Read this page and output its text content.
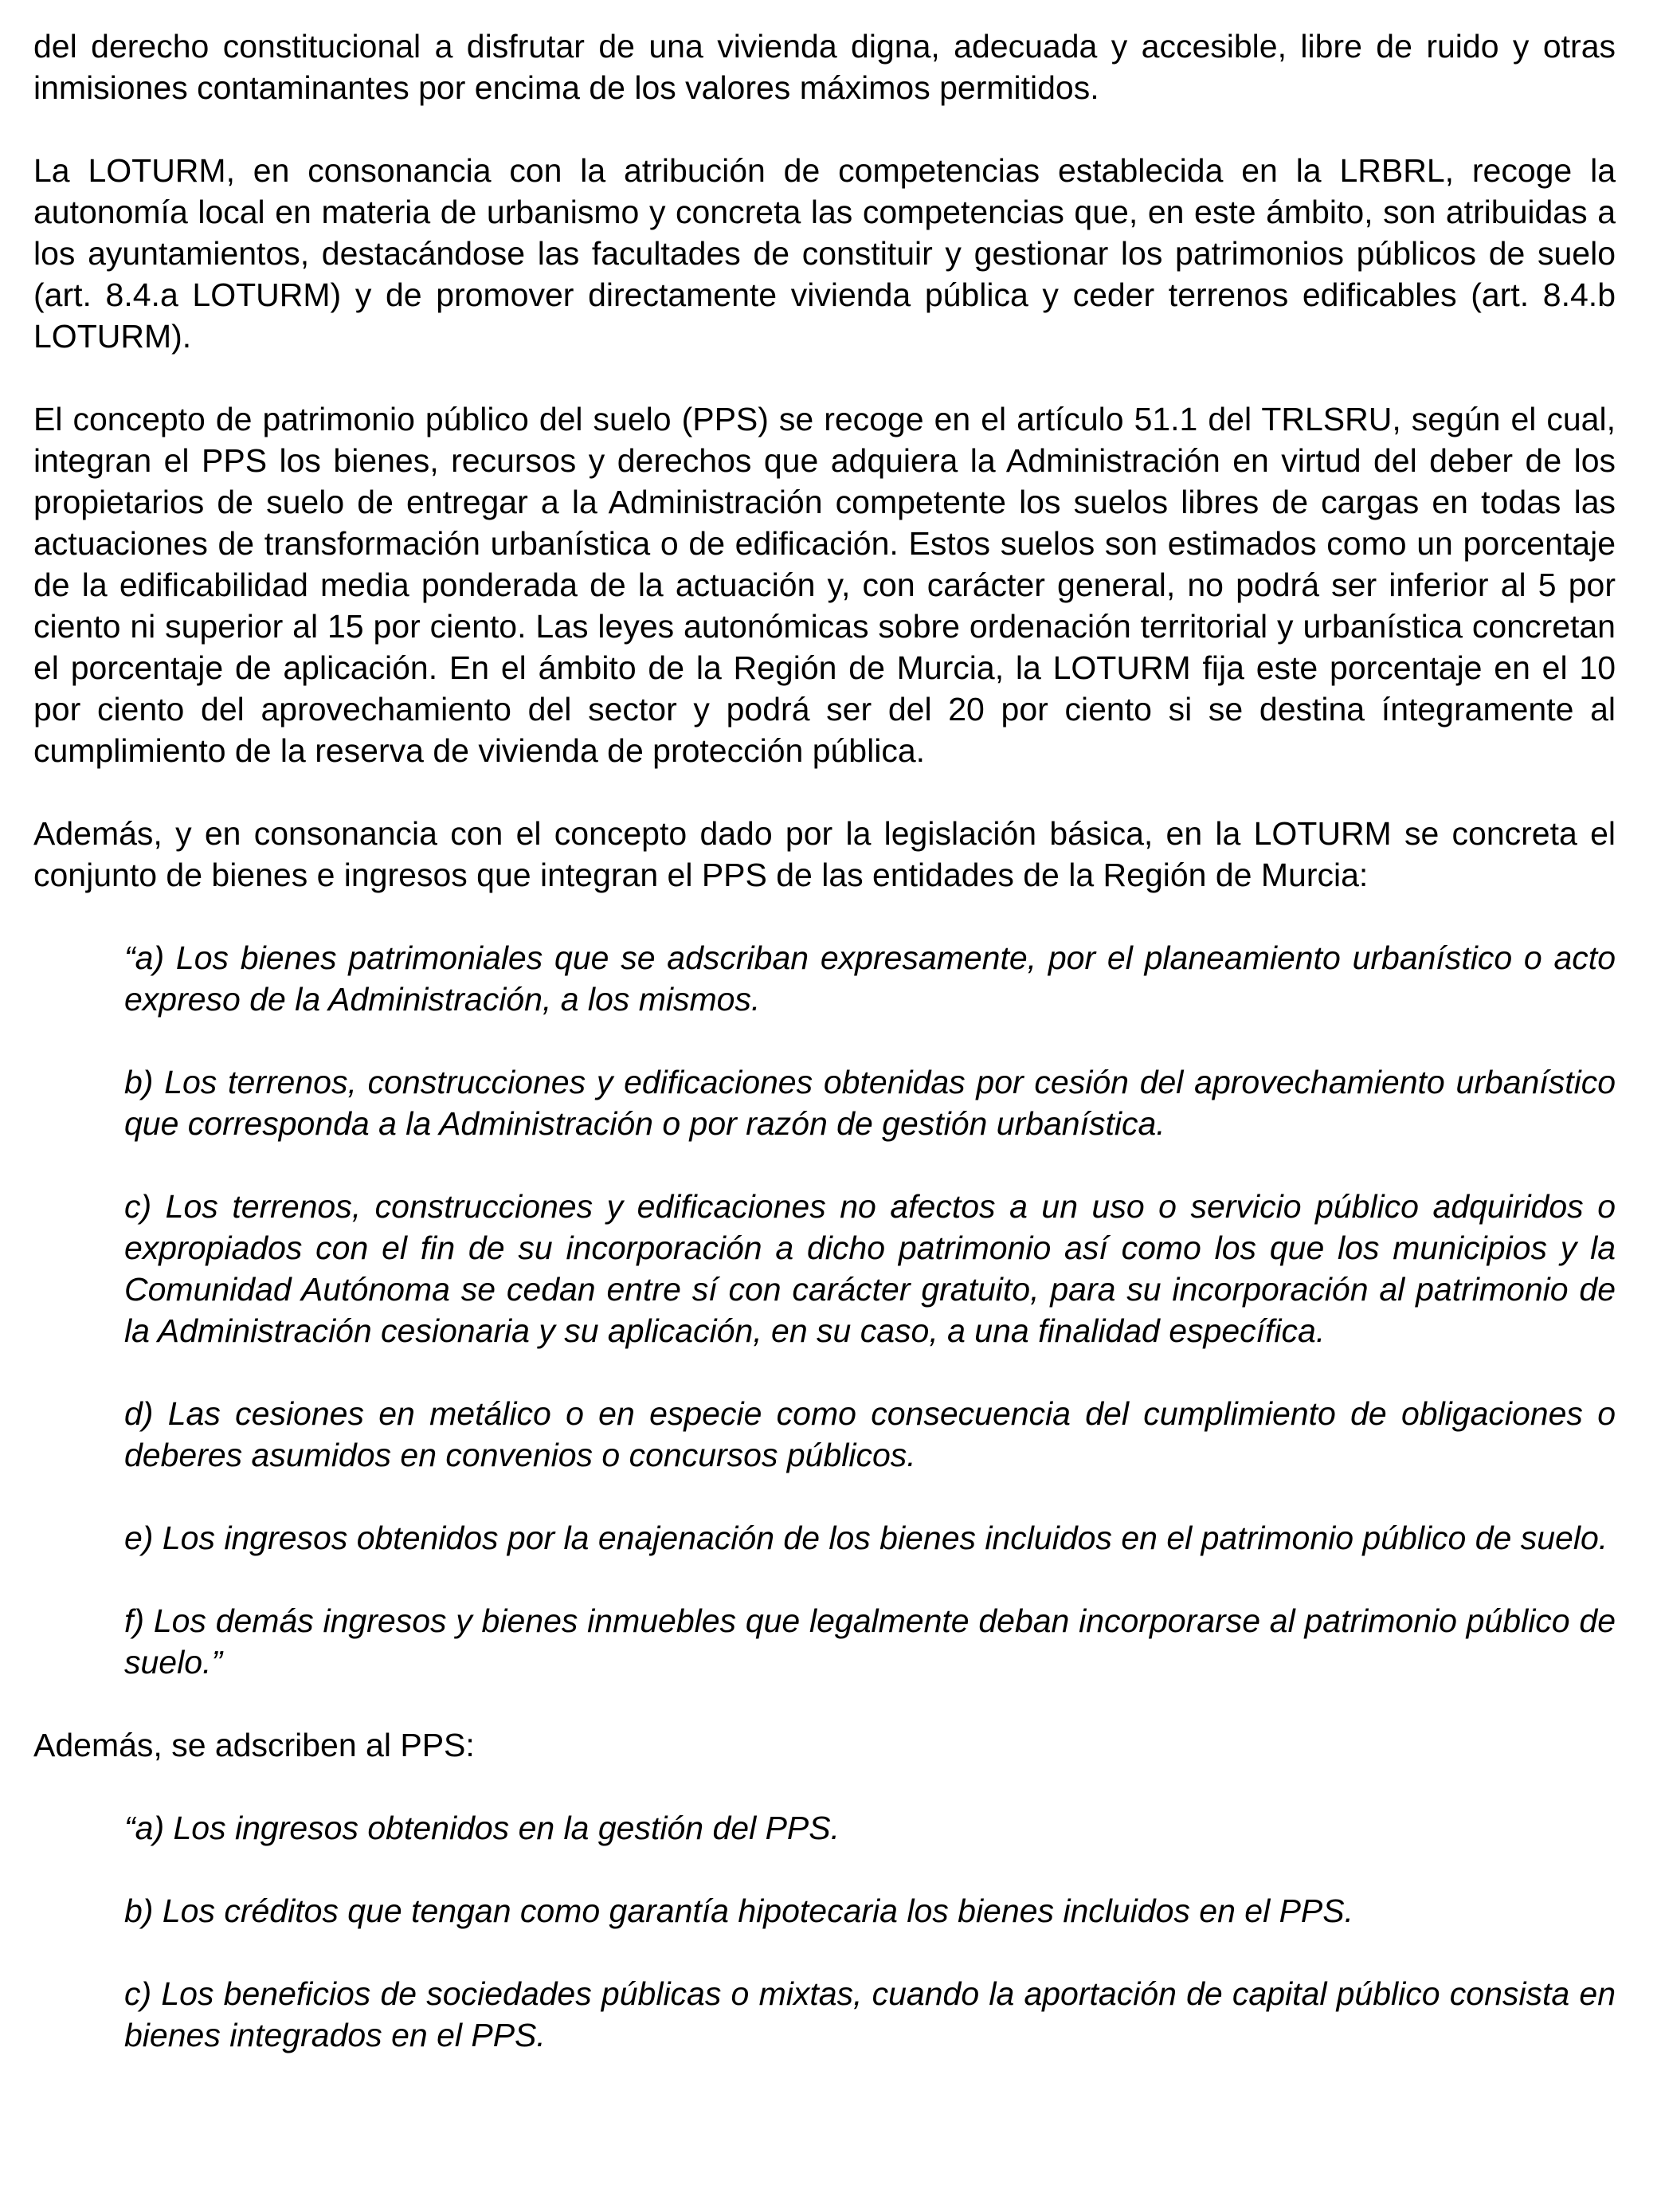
del derecho constitucional a disfrutar de una vivienda digna, adecuada y accesible, libre de ruido y otras inmisiones contaminantes por encima de los valores máximos permitidos.

La LOTURM, en consonancia con la atribución de competencias establecida en la LRBRL, recoge la autonomía local en materia de urbanismo y concreta las competencias que, en este ámbito, son atribuidas a los ayuntamientos, destacándose las facultades de constituir y gestionar los patrimonios públicos de suelo (art. 8.4.a LOTURM) y de promover directamente vivienda pública y ceder terrenos edificables (art. 8.4.b LOTURM).

El concepto de patrimonio público del suelo (PPS) se recoge en el artículo 51.1 del TRLSRU, según el cual, integran el PPS los bienes, recursos y derechos que adquiera la Administración en virtud del deber de los propietarios de suelo de entregar a la Administración competente los suelos libres de cargas en todas las actuaciones de transformación urbanística o de edificación. Estos suelos son estimados como un porcentaje de la edificabilidad media ponderada de la actuación y, con carácter general, no podrá ser inferior al 5 por ciento ni superior al 15 por ciento. Las leyes autonómicas sobre ordenación territorial y urbanística concretan el porcentaje de aplicación. En el ámbito de la Región de Murcia, la LOTURM fija este porcentaje en el 10 por ciento del aprovechamiento del sector y podrá ser del 20 por ciento si se destina íntegramente al cumplimiento de la reserva de vivienda de protección pública.

Además, y en consonancia con el concepto dado por la legislación básica, en la LOTURM se concreta el conjunto de bienes e ingresos que integran el PPS de las entidades de la Región de Murcia:

“a) Los bienes patrimoniales que se adscriban expresamente, por el planeamiento urbanístico o acto expreso de la Administración, a los mismos.

b) Los terrenos, construcciones y edificaciones obtenidas por cesión del aprovechamiento urbanístico que corresponda a la Administración o por razón de gestión urbanística.

c) Los terrenos, construcciones y edificaciones no afectos a un uso o servicio público adquiridos o expropiados con el fin de su incorporación a dicho patrimonio así como los que los municipios y la Comunidad Autónoma se cedan entre sí con carácter gratuito, para su incorporación al patrimonio de la Administración cesionaria y su aplicación, en su caso, a una finalidad específica.

d) Las cesiones en metálico o en especie como consecuencia del cumplimiento de obligaciones o deberes asumidos en convenios o concursos públicos.

e) Los ingresos obtenidos por la enajenación de los bienes incluidos en el patrimonio público de suelo.

f) Los demás ingresos y bienes inmuebles que legalmente deban incorporarse al patrimonio público de suelo.”

Además, se adscriben al PPS:

“a) Los ingresos obtenidos en la gestión del PPS.

b) Los créditos que tengan como garantía hipotecaria los bienes incluidos en el PPS.

c) Los beneficios de sociedades públicas o mixtas, cuando la aportación de capital público consista en bienes integrados en el PPS.
